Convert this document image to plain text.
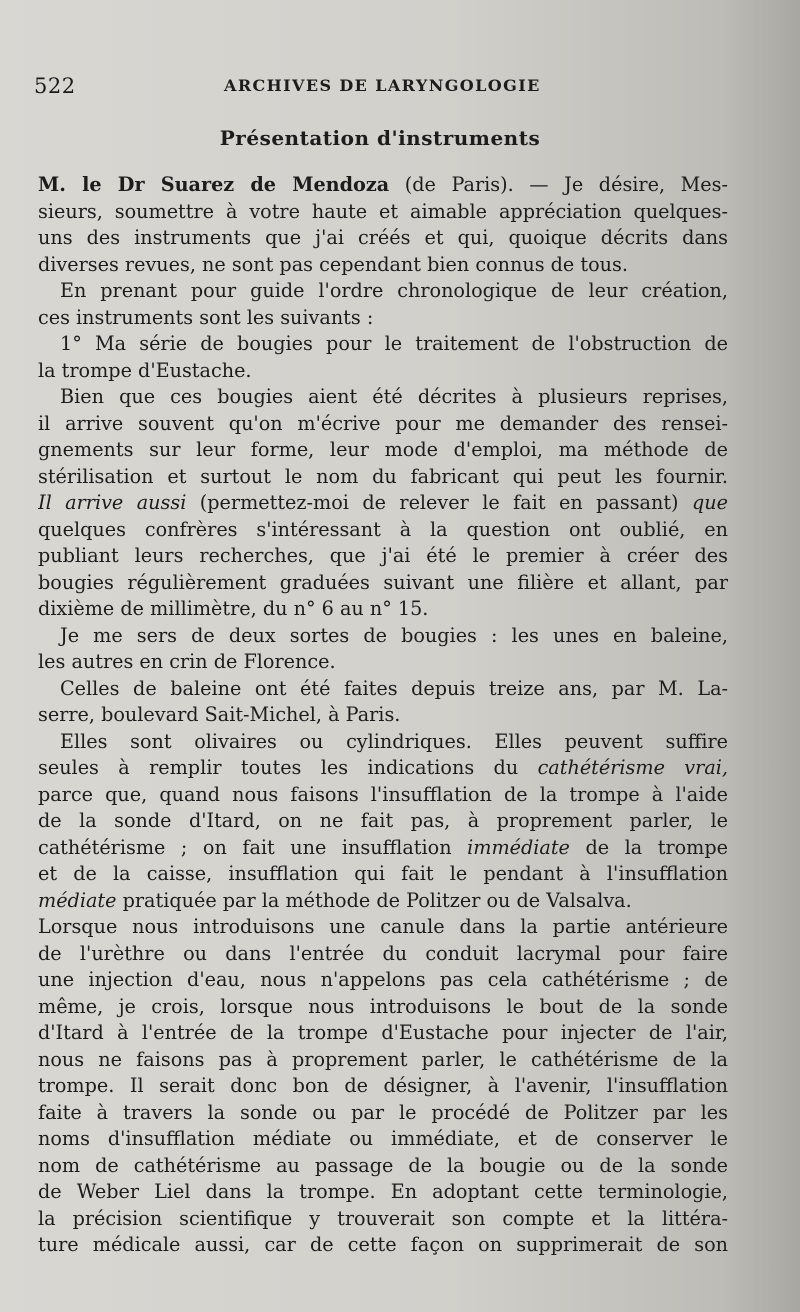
522	ARCHIVES DE LARYNGOLOGIE
Présentation d'instruments
M. le Dr Suarez de Mendoza (de Paris). — Je désire, Mes-
sieurs, soumettre à votre haute et aimable appréciation quelques-
uns des instruments que j'ai créés et qui, quoique décrits dans
diverses revues, ne sont pas cependant bien connus de tous.
En prenant pour guide l'ordre chronologique de leur création,
ces instruments sont les suivants :
1° Ma série de bougies pour le traitement de l'obstruction de
la trompe d'Eustache.
Bien que ces bougies aient été décrites à plusieurs reprises,
il arrive souvent qu'on m'écrive pour me demander des rensei-
gnements sur leur forme, leur mode d'emploi, ma méthode de
stérilisation et surtout le nom du fabricant qui peut les fournir.
Il arrive aussi (permettez-moi de relever le fait en passant) que
quelques confrères s'intéressant à la question ont oublié, en
publiant leurs recherches, que j'ai été le premier à créer des
bougies régulièrement graduées suivant une filière et allant, par
dixième de millimètre, du n° 6 au n° 15.
Je me sers de deux sortes de bougies : les unes en baleine,
les autres en crin de Florence.
Celles de baleine ont été faites depuis treize ans, par M. La-
serre, boulevard Sait-Michel, à Paris.
Elles sont olivaires ou cylindriques. Elles peuvent suffire
seules à remplir toutes les indications du cathétérisme vrai,
parce que, quand nous faisons l'insufflation de la trompe à l'aide
de la sonde d'Itard, on ne fait pas, à proprement parler, le
cathétérisme ; on fait une insufflation immédiate de la trompe
et de la caisse, insufflation qui fait le pendant à l'insufflation
médiate pratiquée par la méthode de Politzer ou de Valsalva.
Lorsque nous introduisons une canule dans la partie antérieure
de l'urèthre ou dans l'entrée du conduit lacrymal pour faire
une injection d'eau, nous n'appelons pas cela cathétérisme ; de
même, je crois, lorsque nous introduisons le bout de la sonde
d'Itard à l'entrée de la trompe d'Eustache pour injecter de l'air,
nous ne faisons pas à proprement parler, le cathétérisme de la
trompe. Il serait donc bon de désigner, à l'avenir, l'insufflation
faite à travers la sonde ou par le procédé de Politzer par les
noms d'insufflation médiate ou immédiate, et de conserver le
nom de cathétérisme au passage de la bougie ou de la sonde
de Weber Liel dans la trompe. En adoptant cette terminologie,
la précision scientifique y trouverait son compte et la littéra-
ture médicale aussi, car de cette façon on supprimerait de son
